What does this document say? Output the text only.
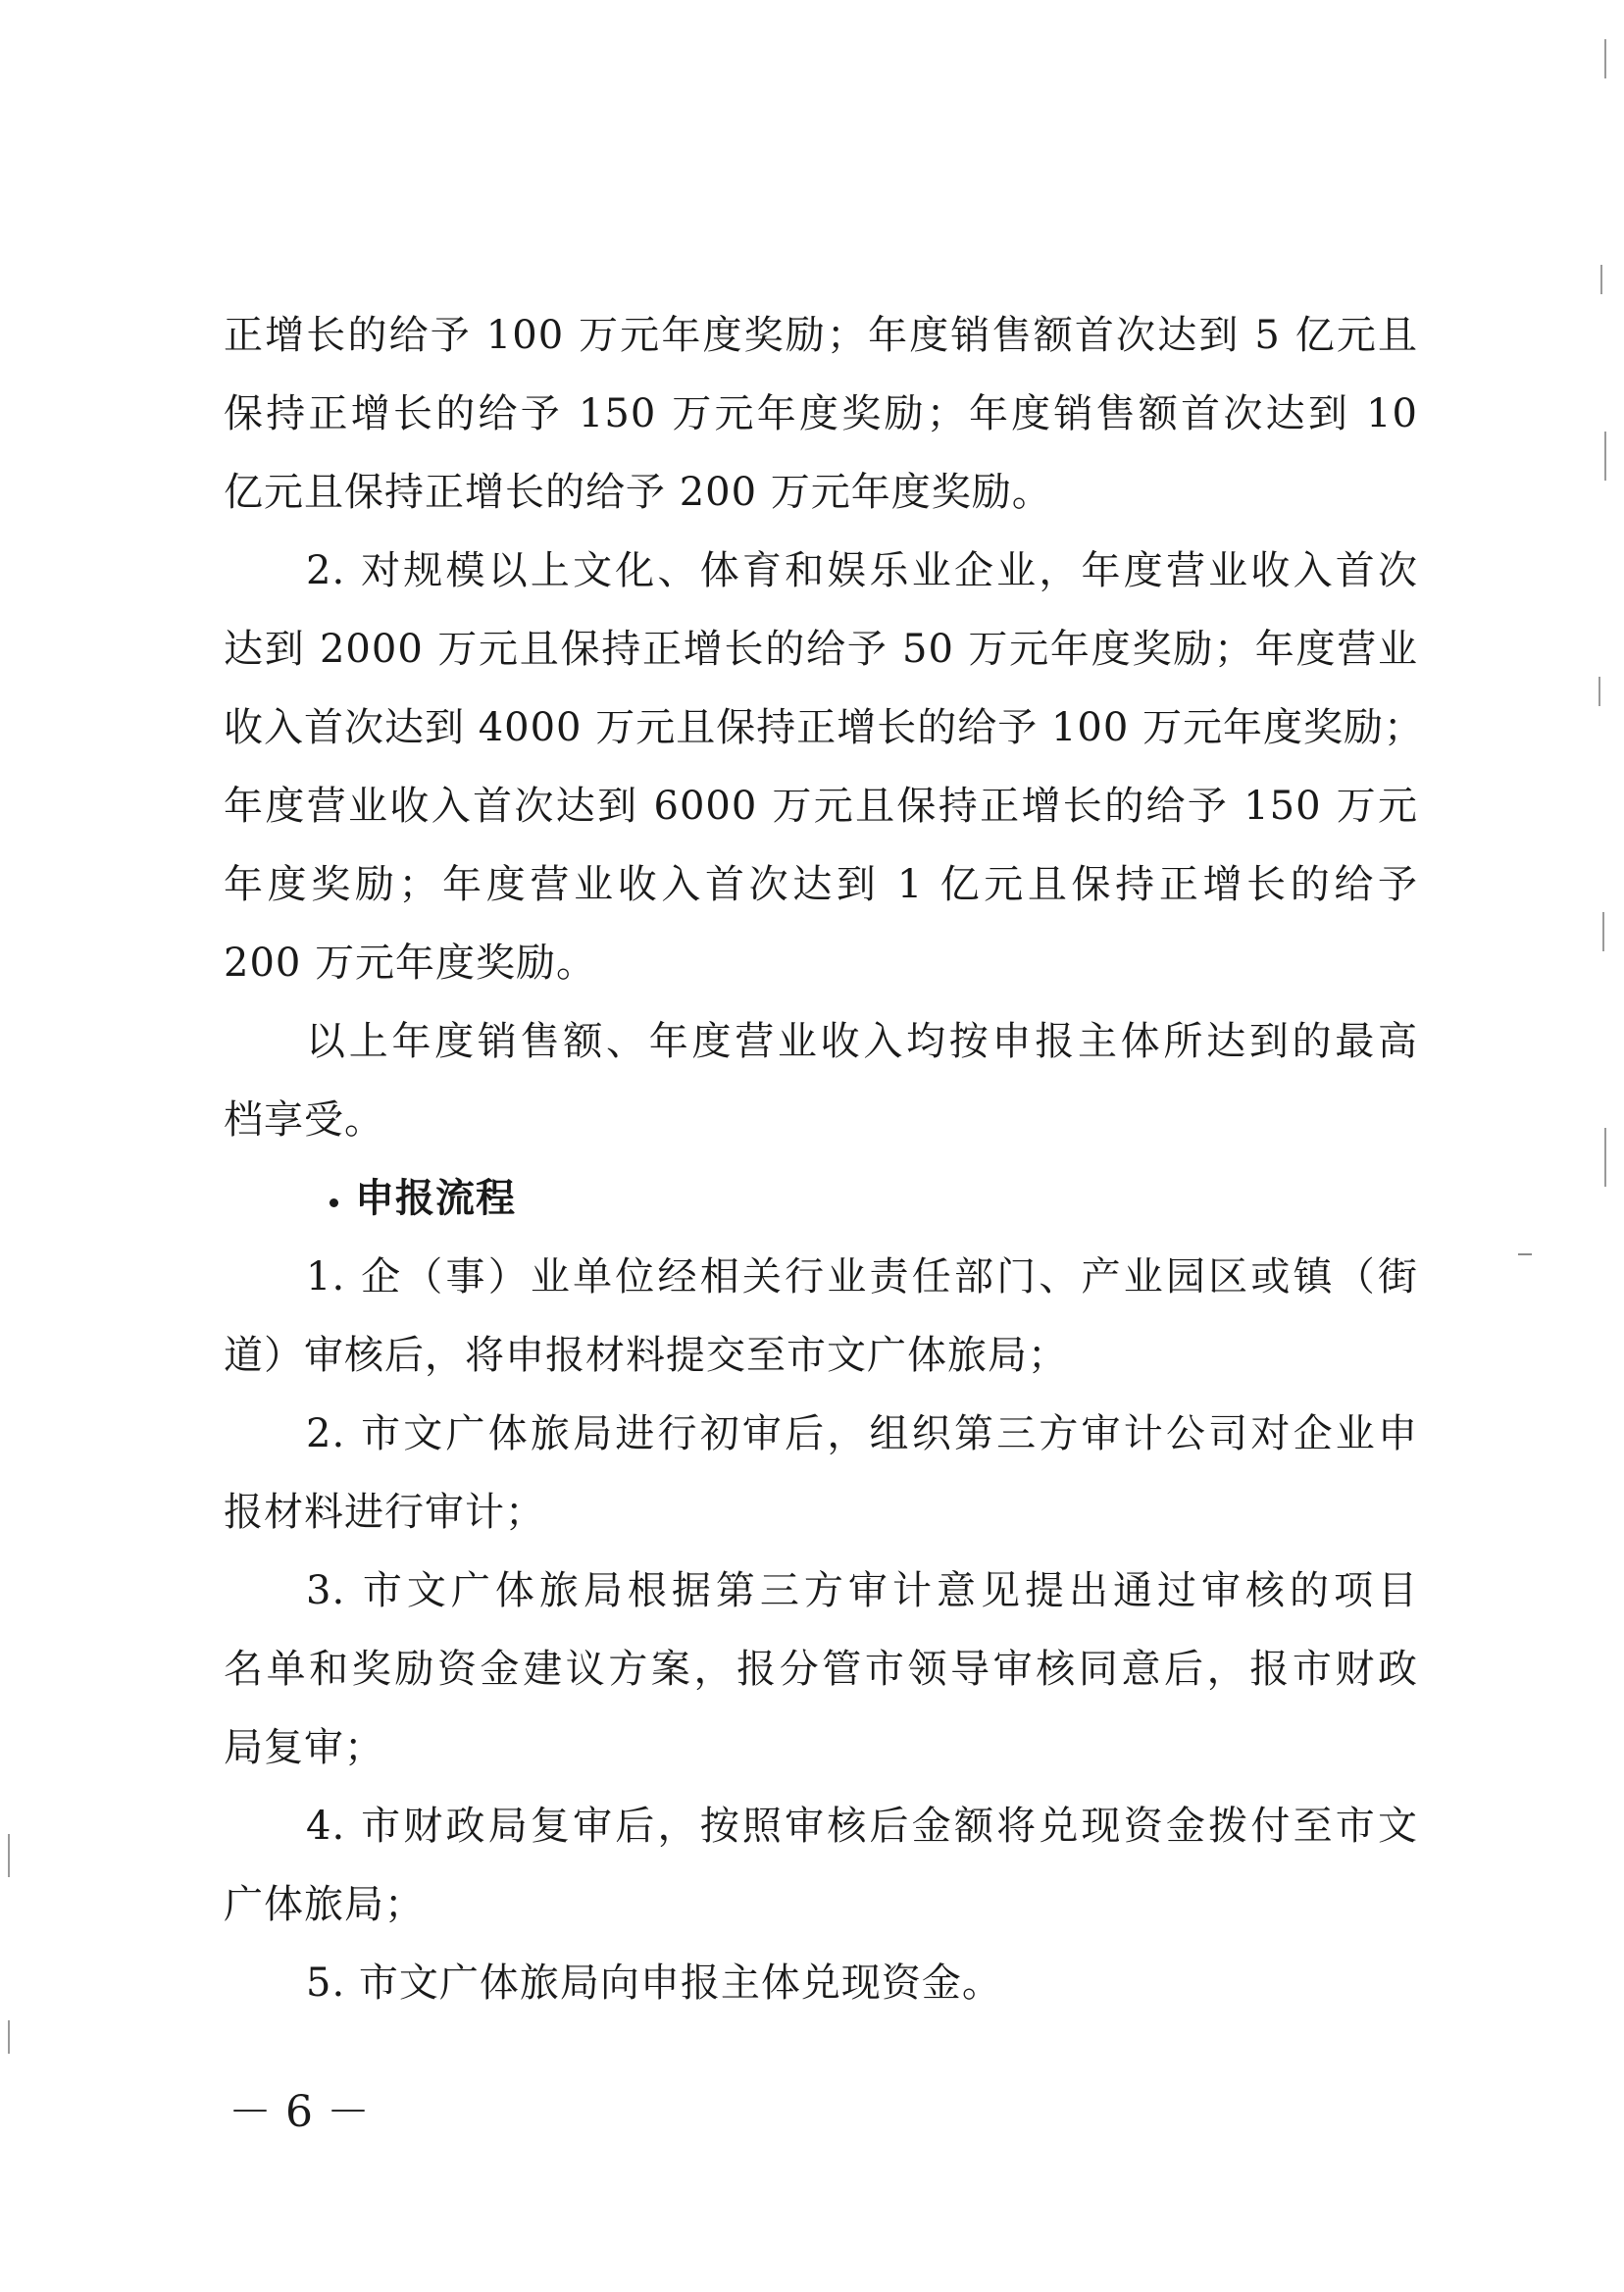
正增长的给予 100 万元年度奖励；年度销售额首次达到 5 亿元且
保持正增长的给予 150 万元年度奖励；年度销售额首次达到 10
亿元且保持正增长的给予 200 万元年度奖励。
2. 对规模以上文化、体育和娱乐业企业，年度营业收入首次
达到 2000 万元且保持正增长的给予 50 万元年度奖励；年度营业
收入首次达到 4000 万元且保持正增长的给予 100 万元年度奖励；
年度营业收入首次达到 6000 万元且保持正增长的给予 150 万元
年度奖励；年度营业收入首次达到 1 亿元且保持正增长的给予
200 万元年度奖励。
以上年度销售额、年度营业收入均按申报主体所达到的最高
档享受。
申报流程
1. 企（事）业单位经相关行业责任部门、产业园区或镇（街
道）审核后，将申报材料提交至市文广体旅局；
2. 市文广体旅局进行初审后，组织第三方审计公司对企业申
报材料进行审计；
3. 市文广体旅局根据第三方审计意见提出通过审核的项目
名单和奖励资金建议方案，报分管市领导审核同意后，报市财政
局复审；
4. 市财政局复审后，按照审核后金额将兑现资金拨付至市文
广体旅局；
5. 市文广体旅局向申报主体兑现资金。
－ 6 －
